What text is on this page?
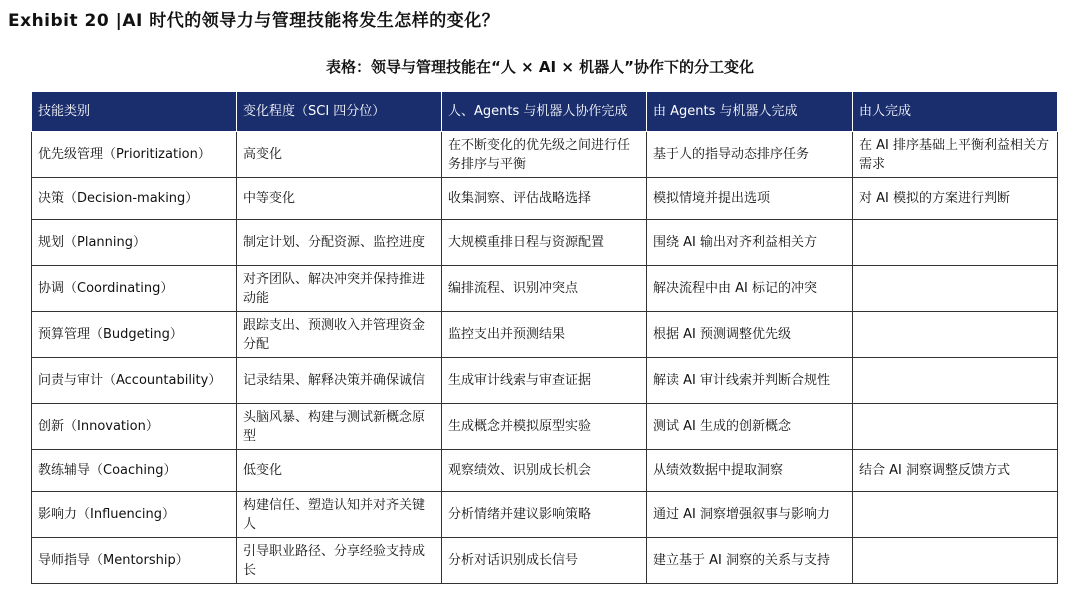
Exhibit 20 |AI 时代的领导力与管理技能将发生怎样的变化？
表格：领导与管理技能在“人 × AI × 机器人”协作下的分工变化
技能类别	变化程度（SCI 四分位）	人、Agents 与机器人协作完成	由 Agents 与机器人完成	由人完成
优先级管理（Prioritization）	高变化	在不断变化的优先级之间进行任务排序与平衡	基于人的指导动态排序任务	在 AI 排序基础上平衡利益相关方需求
决策（Decision-making）	中等变化	收集洞察、评估战略选择	模拟情境并提出选项	对 AI 模拟的方案进行判断
规划（Planning）	制定计划、分配资源、监控进度	大规模重排日程与资源配置	围绕 AI 输出对齐利益相关方	
协调（Coordinating）	对齐团队、解决冲突并保持推进动能	编排流程、识别冲突点	解决流程中由 AI 标记的冲突	
预算管理（Budgeting）	跟踪支出、预测收入并管理资金分配	监控支出并预测结果	根据 AI 预测调整优先级	
问责与审计（Accountability）	记录结果、解释决策并确保诚信	生成审计线索与审查证据	解读 AI 审计线索并判断合规性	
创新（Innovation）	头脑风暴、构建与测试新概念原型	生成概念并模拟原型实验	测试 AI 生成的创新概念	
教练辅导（Coaching）	低变化	观察绩效、识别成长机会	从绩效数据中提取洞察	结合 AI 洞察调整反馈方式
影响力（Influencing）	构建信任、塑造认知并对齐关键人	分析情绪并建议影响策略	通过 AI 洞察增强叙事与影响力	
导师指导（Mentorship）	引导职业路径、分享经验支持成长	分析对话识别成长信号	建立基于 AI 洞察的关系与支持	
